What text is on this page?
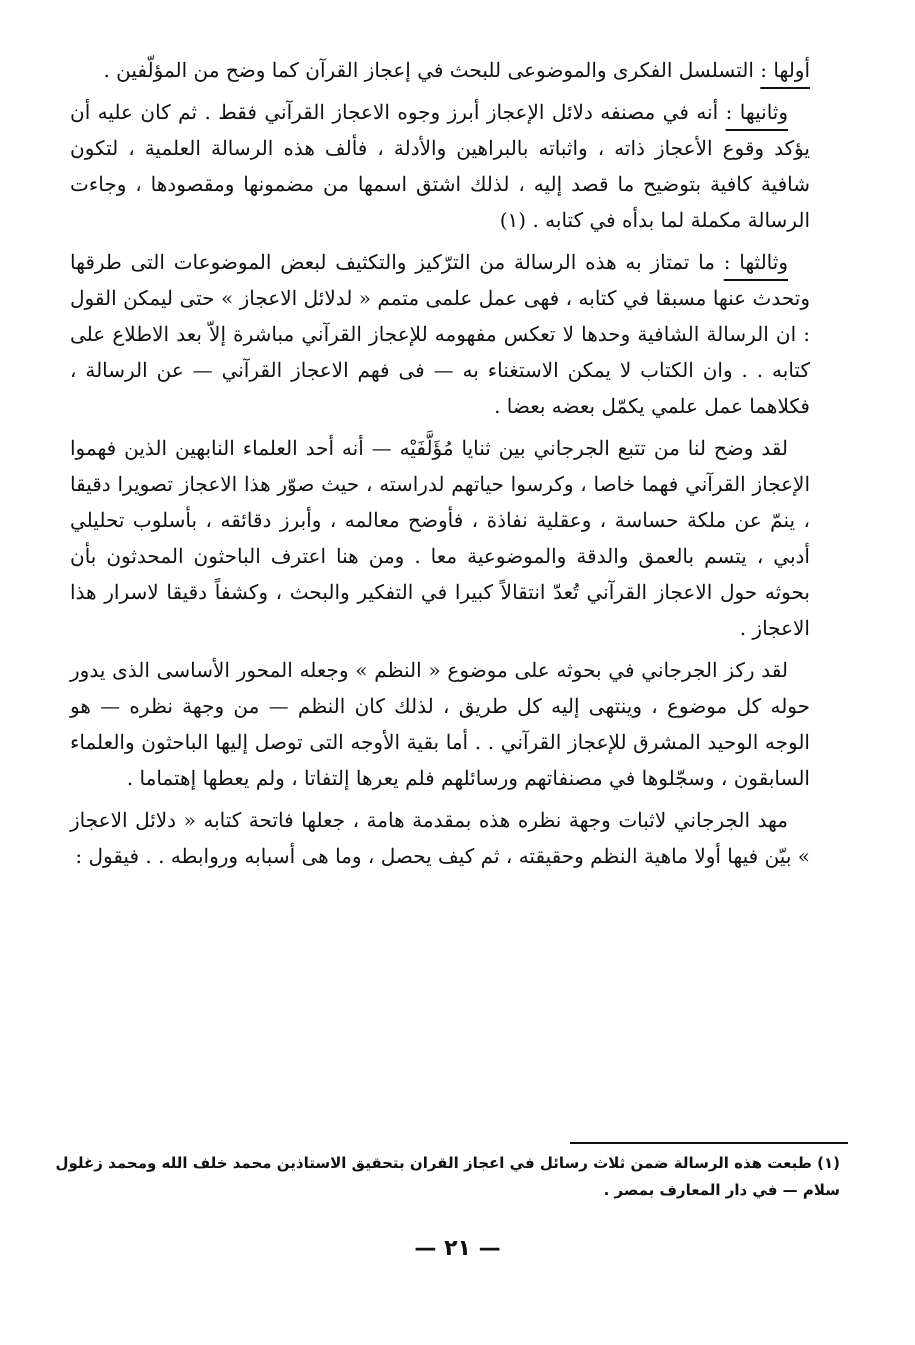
أولها : التسلسل الفكرى والموضوعى للبحث في إعجاز القرآن كما وضح من المؤلّفين .

وثانيها : أنه في مصنفه دلائل الإعجاز أبرز وجوه الاعجاز القرآني فقط . ثم كان عليه أن يؤكد وقوع الأعجاز ذاته ، واثباته بالبراهين والأدلة ، فألف هذه الرسالة العلمية ، لتكون شافية كافية بتوضيح ما قصد إليه ، لذلك اشتق اسمها من مضمونها ومقصودها ، وجاءت الرسالة مكملة لما بدأه في كتابه . (١)

وثالثها : ما تمتاز به هذه الرسالة من الترّكيز والتكثيف لبعض الموضوعات التى طرقها وتحدث عنها مسبقا في كتابه ، فهى عمل علمى متمم « لدلائل الاعجاز » حتى ليمكن القول : ان الرسالة الشافية وحدها لا تعكس مفهومه للإعجاز القرآني مباشرة إلاّ بعد الاطلاع على كتابه . . وان الكتاب لا يمكن الاستغناء به — فى فهم الاعجاز القرآني — عن الرسالة ، فكلاهما عمل علمي يكمّل بعضه بعضا .

لقد وضح لنا من تتبع الجرجاني بين ثنايا مُؤَلَّفَيْه — أنه أحد العلماء النابهين الذين فهموا الإعجاز القرآني فهما خاصا ، وكرسوا حياتهم لدراسته ، حيث صوّر هذا الاعجاز تصويرا دقيقا ، ينمّ عن ملكة حساسة ، وعقلية نفاذة ، فأوضح معالمه ، وأبرز دقائقه ، بأسلوب تحليلي أدبي ، يتسم بالعمق والدقة والموضوعية معا . ومن هنا اعترف الباحثون المحدثون بأن بحوثه حول الاعجاز القرآني تُعدّ انتقالاً كبيرا في التفكير والبحث ، وكشفاً دقيقا لاسرار هذا الاعجاز .

لقد ركز الجرجاني في بحوثه على موضوع « النظم » وجعله المحور الأساسى الذى يدور حوله كل موضوع ، وينتهى إليه كل طريق ، لذلك كان النظم — من وجهة نظره — هو الوجه الوحيد المشرق للإعجاز القرآني . . أما بقية الأوجه التى توصل إليها الباحثون والعلماء السابقون ، وسجّلوها في مصنفاتهم ورسائلهم فلم يعرها إلتفاتا ، ولم يعطها إهتماما .

مهد الجرجاني لاثبات وجهة نظره هذه بمقدمة هامة ، جعلها فاتحة كتابه « دلائل الاعجاز » بيّن فيها أولا ماهية النظم وحقيقته ، ثم كيف يحصل ، وما هى أسبابه وروابطه . . فيقول :

(١) طبعت هذه الرسالة ضمن ثلاث رسائل في اعجاز القران بتحقيق الاستاذين محمد خلف الله ومحمد زغلول سلام — في دار المعارف بمصر .
— ٢١ —
